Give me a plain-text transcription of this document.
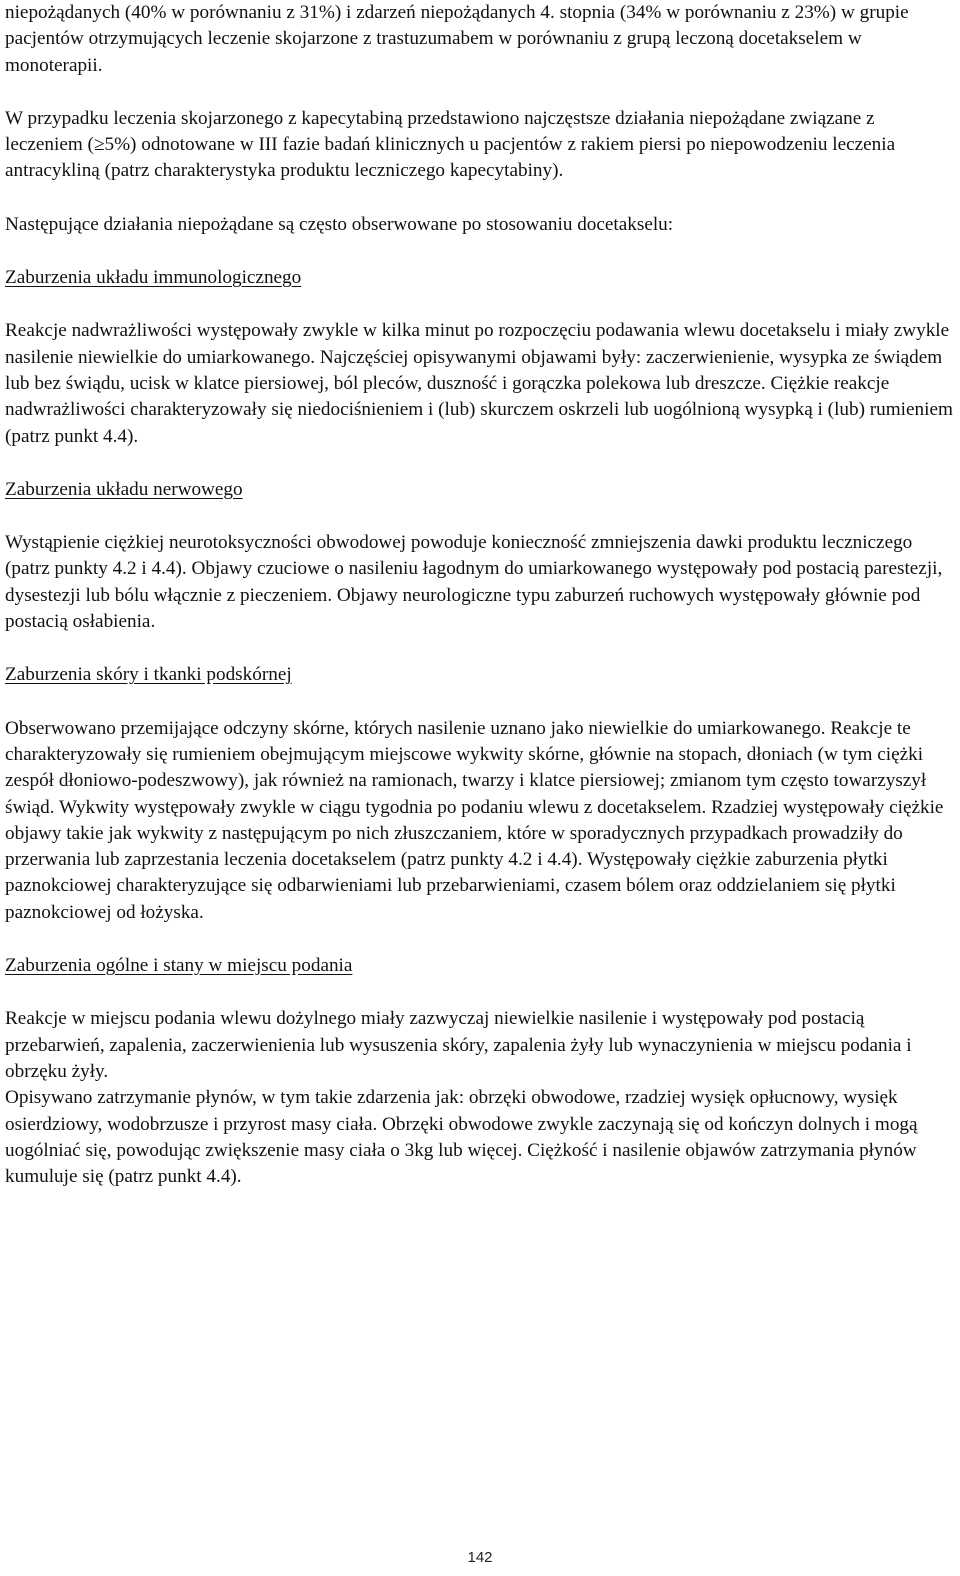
niepożądanych (40% w porównaniu z 31%) i zdarzeń niepożądanych 4. stopnia (34% w porównaniu z 23%) w grupie pacjentów otrzymujących leczenie skojarzone z trastuzumabem w porównaniu z grupą leczoną docetakselem w monoterapii.

W przypadku leczenia skojarzonego z kapecytabiną przedstawiono najczęstsze działania niepożądane związane z leczeniem (≥5%) odnotowane w III fazie badań klinicznych u pacjentów z rakiem piersi po niepowodzeniu leczenia antracykliną (patrz charakterystyka produktu leczniczego kapecytabiny).

Następujące działania niepożądane są często obserwowane po stosowaniu docetakselu:

Zaburzenia układu immunologicznego

Reakcje nadwrażliwości występowały zwykle w kilka minut po rozpoczęciu podawania wlewu docetakselu i miały zwykle nasilenie niewielkie do umiarkowanego. Najczęściej opisywanymi objawami były: zaczerwienienie, wysypka ze świądem lub bez świądu, ucisk w klatce piersiowej, ból pleców, duszność i gorączka polekowa lub dreszcze. Ciężkie reakcje nadwrażliwości charakteryzowały się niedociśnieniem i (lub) skurczem oskrzeli lub uogólnioną wysypką i (lub) rumieniem (patrz punkt 4.4).

Zaburzenia układu nerwowego

Wystąpienie ciężkiej neurotoksyczności obwodowej powoduje konieczność zmniejszenia dawki produktu leczniczego (patrz punkty 4.2 i 4.4). Objawy czuciowe o nasileniu łagodnym do umiarkowanego występowały pod postacią parestezji, dysestezji lub bólu włącznie z pieczeniem. Objawy neurologiczne typu zaburzeń ruchowych występowały głównie pod postacią osłabienia.

Zaburzenia skóry i tkanki podskórnej

Obserwowano przemijające odczyny skórne, których nasilenie uznano jako niewielkie do umiarkowanego. Reakcje te charakteryzowały się rumieniem obejmującym miejscowe wykwity skórne, głównie na stopach, dłoniach (w tym ciężki zespół dłoniowo-podeszwowy), jak również na ramionach, twarzy i klatce piersiowej; zmianom tym często towarzyszył świąd. Wykwity występowały zwykle w ciągu tygodnia po podaniu wlewu z docetakselem. Rzadziej występowały ciężkie objawy takie jak wykwity z następującym po nich złuszczaniem, które w sporadycznych przypadkach prowadziły do przerwania lub zaprzestania leczenia docetakselem (patrz punkty 4.2 i 4.4). Występowały ciężkie zaburzenia płytki paznokciowej charakteryzujące się odbarwieniami lub przebarwieniami, czasem bólem oraz oddzielaniem się płytki paznokciowej od łożyska.

Zaburzenia ogólne i stany w miejscu podania

Reakcje w miejscu podania wlewu dożylnego miały zazwyczaj niewielkie nasilenie i występowały pod postacią przebarwień, zapalenia, zaczerwienienia lub wysuszenia skóry, zapalenia żyły lub wynaczynienia w miejscu podania i obrzęku żyły.

Opisywano zatrzymanie płynów, w tym takie zdarzenia jak: obrzęki obwodowe, rzadziej wysięk opłucnowy, wysięk osierdziowy, wodobrzusze i przyrost masy ciała. Obrzęki obwodowe zwykle zaczynają się od kończyn dolnych i mogą uogólniać się, powodując zwiększenie masy ciała o 3kg lub więcej. Ciężkość i nasilenie objawów zatrzymania płynów kumuluje się (patrz punkt 4.4).

142
